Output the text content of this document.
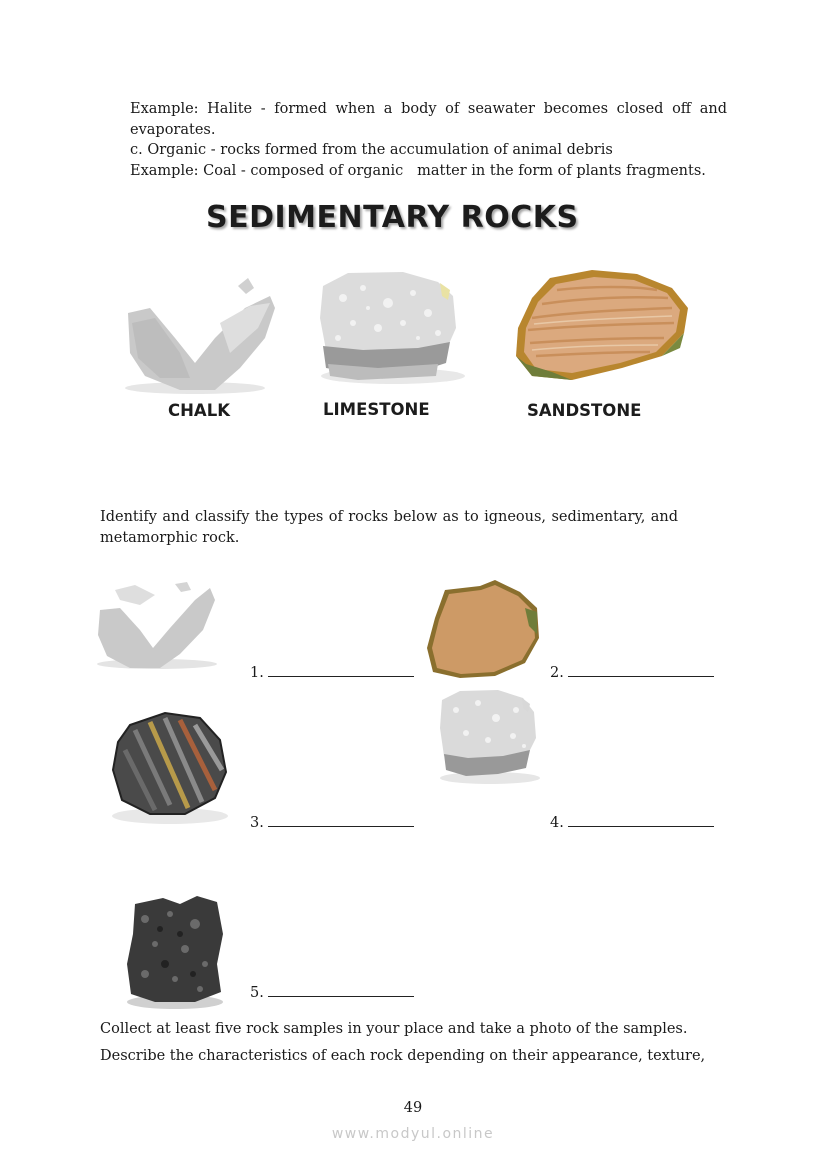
Example: Halite - formed when a body of seawater becomes closed off and evaporates.
c. Organic - rocks formed from the accumulation of animal debris
Example: Coal - composed of organic   matter in the form of plants fragments.
SEDIMENTARY ROCKS
CHALK	LIMESTONE	SANDSTONE
Identify and classify the types of rocks below as to igneous, sedimentary, and metamorphic rock.
1.	2.
3.	4.
5.
Collect at least five rock samples in your place and take a photo of the samples.
Describe the characteristics of each rock depending on their appearance, texture,
49
www.modyul.online
